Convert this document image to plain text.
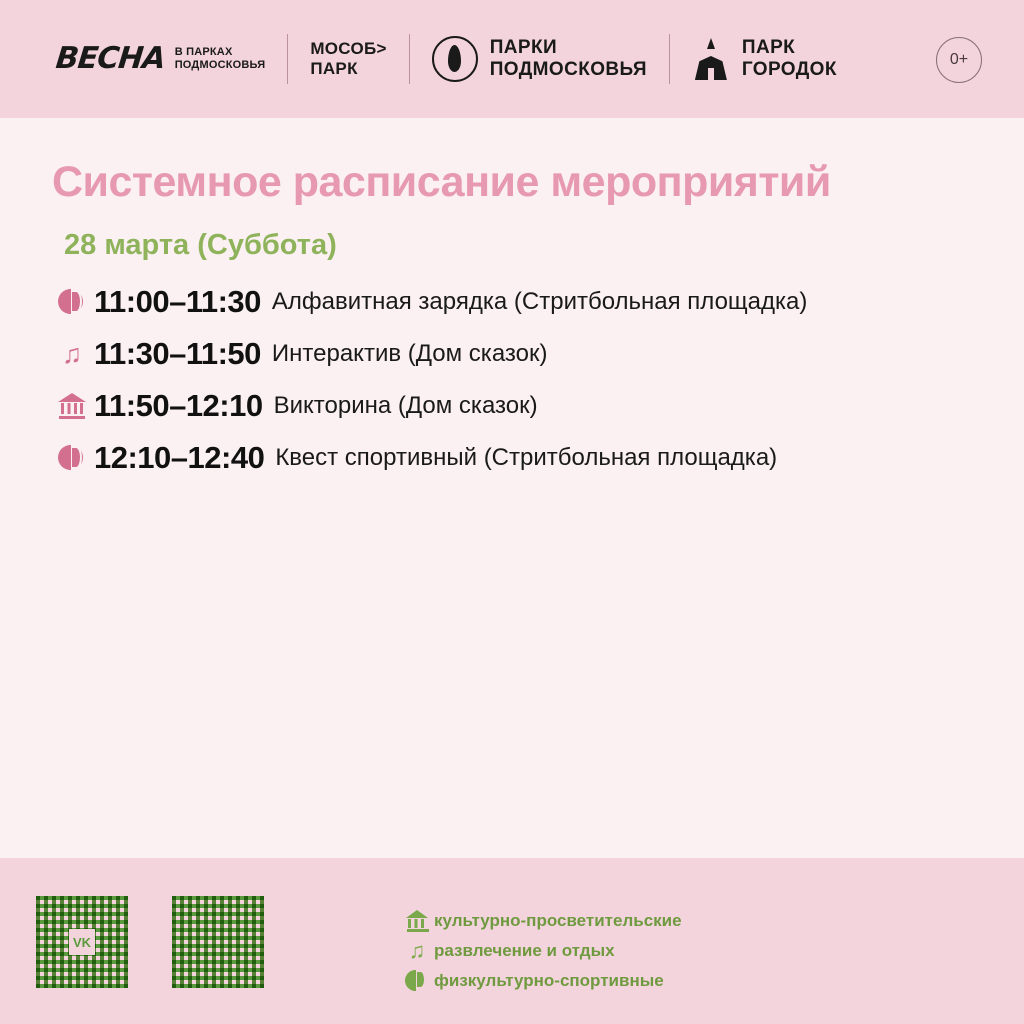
ВЕСНА В ПАРКАХ
ПОДМОСКОВЬЯ
МОСОБ>
ПАРК
ПАРКИ
ПОДМОСКОВЬЯ
ПАРК
ГОРОДОК	0+
Системное расписание мероприятий
28 марта (Суббота)
11:00–11:30 Алфавитная зарядка (Стритбольная площадка)
♫ 11:30–11:50 Интерактив (Дом сказок)
11:50–12:10 Викторина (Дом сказок)
12:10–12:40 Квест спортивный (Стритбольная площадка)
VK
культурно-просветительские
♫ развлечение и отдых
физкультурно-спортивные
